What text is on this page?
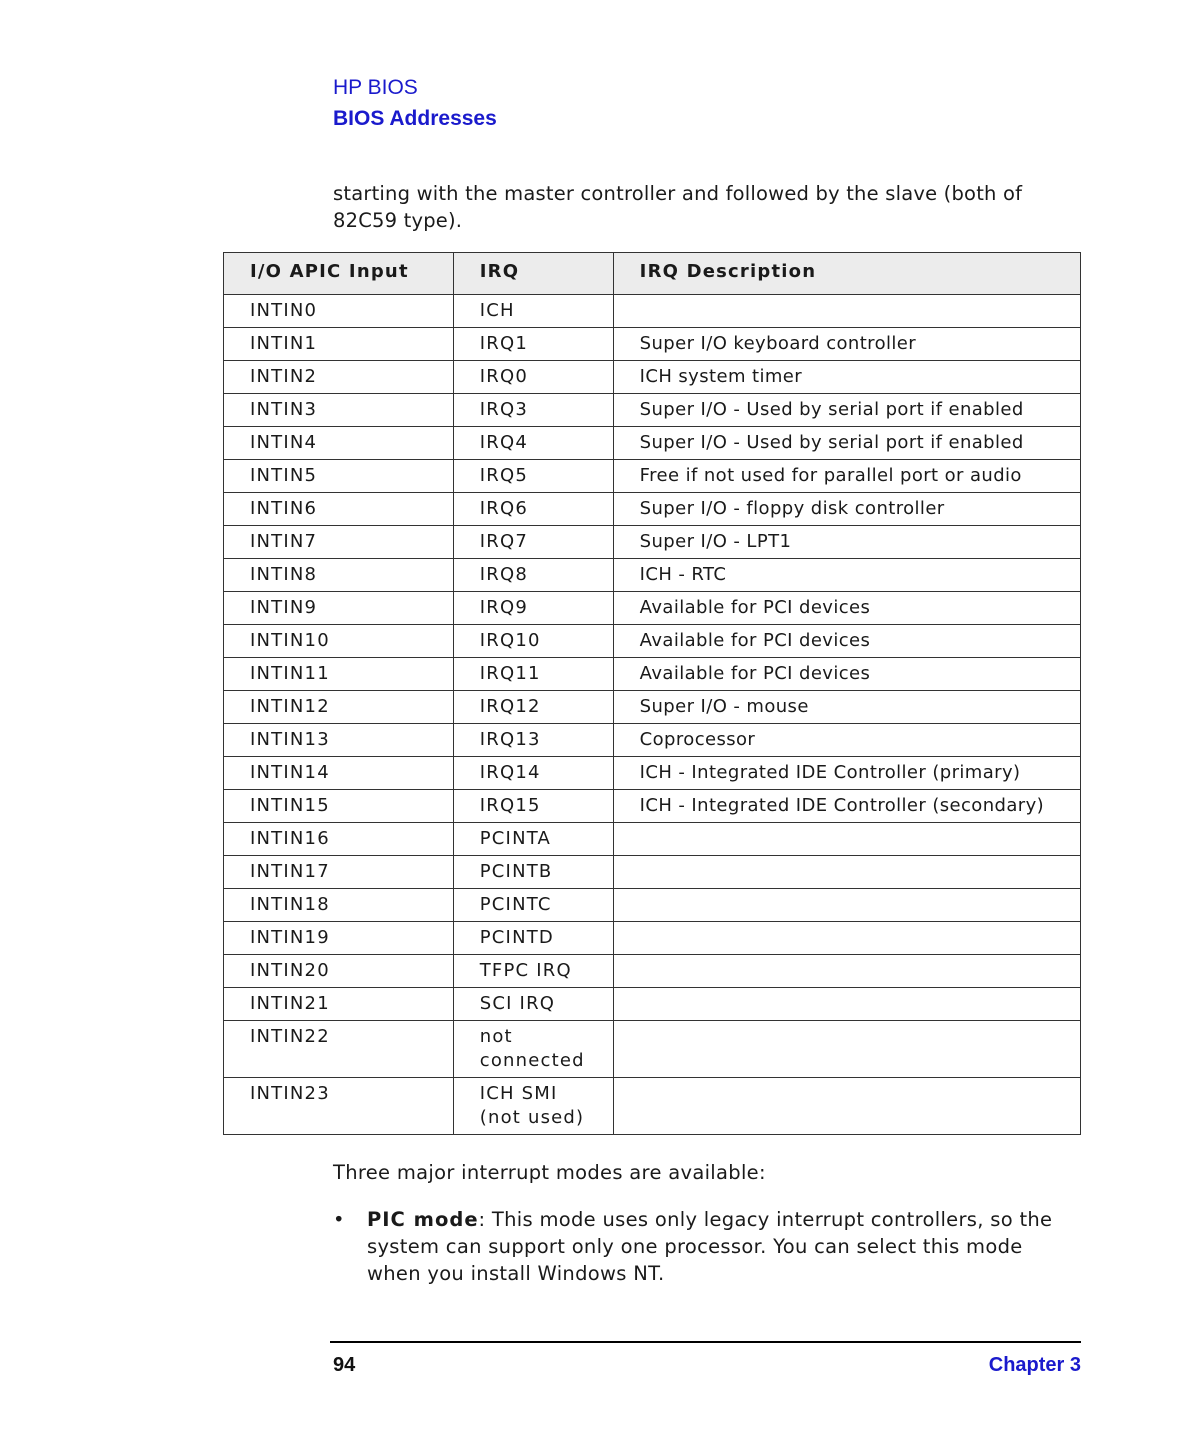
HP BIOS
BIOS Addresses
starting with the master controller and followed by the slave (both of 82C59 type).
I/O APIC Input	IRQ	IRQ Description
INTIN0	ICH	
INTIN1	IRQ1	Super I/O keyboard controller
INTIN2	IRQ0	ICH system timer
INTIN3	IRQ3	Super I/O - Used by serial port if enabled
INTIN4	IRQ4	Super I/O - Used by serial port if enabled
INTIN5	IRQ5	Free if not used for parallel port or audio
INTIN6	IRQ6	Super I/O - floppy disk controller
INTIN7	IRQ7	Super I/O - LPT1
INTIN8	IRQ8	ICH - RTC
INTIN9	IRQ9	Available for PCI devices
INTIN10	IRQ10	Available for PCI devices
INTIN11	IRQ11	Available for PCI devices
INTIN12	IRQ12	Super I/O - mouse
INTIN13	IRQ13	Coprocessor
INTIN14	IRQ14	ICH - Integrated IDE Controller (primary)
INTIN15	IRQ15	ICH - Integrated IDE Controller (secondary)
INTIN16	PCINTA	
INTIN17	PCINTB	
INTIN18	PCINTC	
INTIN19	PCINTD	
INTIN20	TFPC IRQ	
INTIN21	SCI IRQ	
INTIN22	not
connected	
INTIN23	ICH SMI
(not used)	
Three major interrupt modes are available:
• PIC mode: This mode uses only legacy interrupt controllers, so the system can support only one processor. You can select this mode when you install Windows NT.
94	Chapter 3
